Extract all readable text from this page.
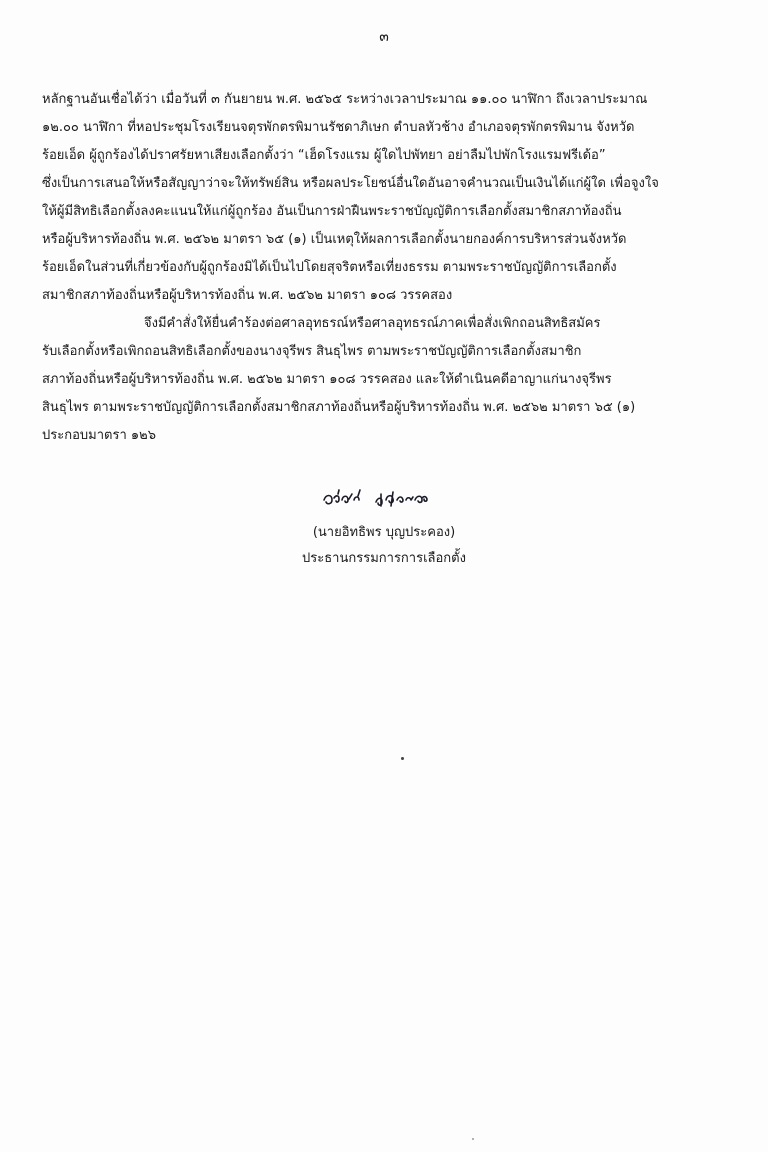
๓
หลักฐานอันเชื่อได้ว่า เมื่อวันที่ ๓ กันยายน พ.ศ. ๒๕๖๕ ระหว่างเวลาประมาณ ๑๑.๐๐ นาฬิกา ถึงเวลาประมาณ
๑๒.๐๐ นาฬิกา ที่หอประชุมโรงเรียนจตุรพักตรพิมานรัชดาภิเษก ตำบลหัวช้าง อำเภอจตุรพักตรพิมาน จังหวัด
ร้อยเอ็ด ผู้ถูกร้องได้ปราศรัยหาเสียงเลือกตั้งว่า “เฮ็ดโรงแรม ผู้ใดไปพัทยา อย่าลืมไปพักโรงแรมฟรีเด้อ”
ซึ่งเป็นการเสนอให้หรือสัญญาว่าจะให้ทรัพย์สิน หรือผลประโยชน์อื่นใดอันอาจคำนวณเป็นเงินได้แก่ผู้ใด เพื่อจูงใจ
ให้ผู้มีสิทธิเลือกตั้งลงคะแนนให้แก่ผู้ถูกร้อง อันเป็นการฝ่าฝืนพระราชบัญญัติการเลือกตั้งสมาชิกสภาท้องถิ่น
หรือผู้บริหารท้องถิ่น พ.ศ. ๒๕๖๒ มาตรา ๖๕ (๑) เป็นเหตุให้ผลการเลือกตั้งนายกองค์การบริหารส่วนจังหวัด
ร้อยเอ็ดในส่วนที่เกี่ยวข้องกับผู้ถูกร้องมิได้เป็นไปโดยสุจริตหรือเที่ยงธรรม ตามพระราชบัญญัติการเลือกตั้ง
สมาชิกสภาท้องถิ่นหรือผู้บริหารท้องถิ่น พ.ศ. ๒๕๖๒ มาตรา ๑๐๘ วรรคสอง
จึงมีคำสั่งให้ยื่นคำร้องต่อศาลอุทธรณ์หรือศาลอุทธรณ์ภาคเพื่อสั่งเพิกถอนสิทธิสมัคร
รับเลือกตั้งหรือเพิกถอนสิทธิเลือกตั้งของนางจุรีพร สินธุไพร ตามพระราชบัญญัติการเลือกตั้งสมาชิก
สภาท้องถิ่นหรือผู้บริหารท้องถิ่น พ.ศ. ๒๕๖๒ มาตรา ๑๐๘ วรรคสอง และให้ดำเนินคดีอาญาแก่นางจุรีพร
สินธุไพร ตามพระราชบัญญัติการเลือกตั้งสมาชิกสภาท้องถิ่นหรือผู้บริหารท้องถิ่น พ.ศ. ๒๕๖๒ มาตรา ๖๕ (๑)
ประกอบมาตรา ๑๒๖
(นายอิทธิพร บุญประคอง)
ประธานกรรมการการเลือกตั้ง
